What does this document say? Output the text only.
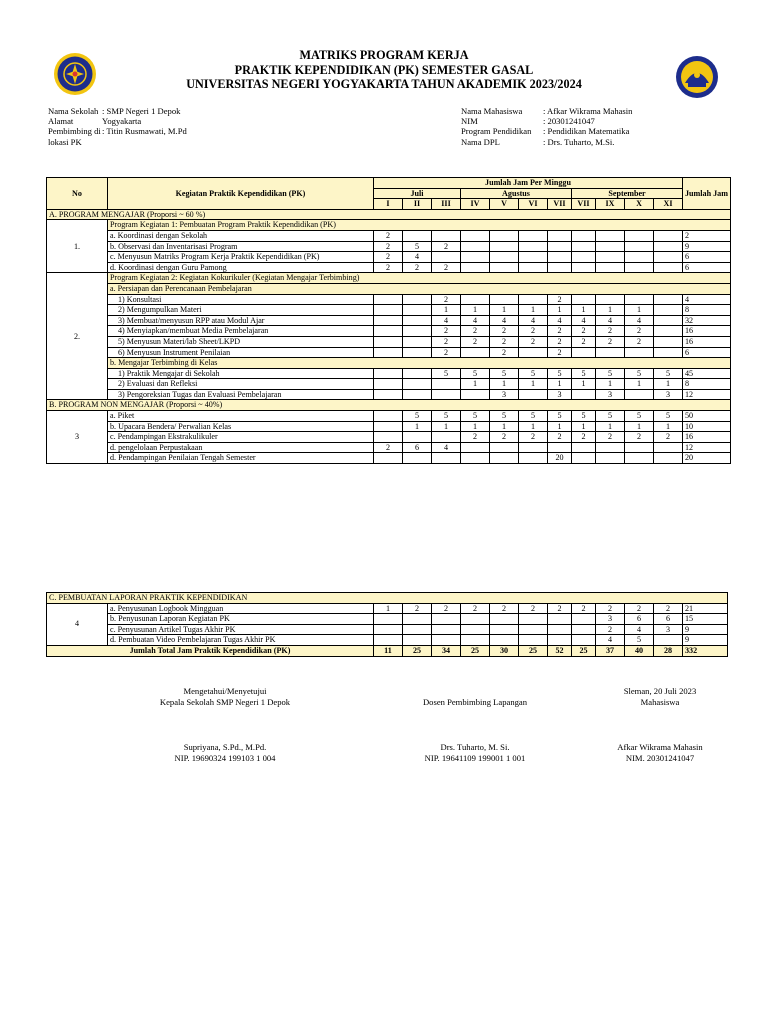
MATRIKS PROGRAM KERJA
PRAKTIK KEPENDIDIKAN (PK) SEMESTER GASAL
UNIVERSITAS NEGERI YOGYAKARTA TAHUN AKADEMIK 2023/2024
Nama Sekolah	: SMP Negeri 1 Depok
Alamat	Yogyakarta
Pembimbing di lokasi PK	: Titin Rusmawati, M.Pd
Nama Mahasiswa	: Afkar Wikrama Mahasin
NIM	: 20301241047
Program Pendidikan	: Pendidikan Matematika
Nama DPL	: Drs. Tuharto, M.Si.
No	Kegiatan Praktik Kependidikan (PK)	Jumlah Jam Per Minggu											Jumlah Jam
		Juli			Agustus				September				
		I	II	III	IV	V	VI	VII	VII	IX	X	XI	
A. PROGRAM MENGAJAR (Proporsi ~ 60 %)													
1.	Program Kegiatan 1: Pembuatan Program Praktik Kependidikan (PK)												
	a. Koordinasi dengan Sekolah	2											2
	b. Observasi dan Inventarisasi Program	2	5	2									9
	c. Menyusun Matriks Program Kerja Praktik Kependidikan (PK)	2	4										6
	d. Koordinasi dengan Guru Pamong	2	2	2									6
2.	Program Kegiatan 2: Kegiatan Kokurikuler (Kegiatan Mengajar Terbimbing)												
	a. Persiapan dan Perencanaan Pembelajaran												
	1) Konsultasi			2				2					4
	2) Mengumpulkan Materi			1	1	1	1	1	1	1	1		8
	3) Membuat/menyusun RPP atau Modul Ajar			4	4	4	4	4	4	4	4		32
	4) Menyiapkan/membuat Media Pembelajaran			2	2	2	2	2	2	2	2		16
	5) Menyusun Materi/lab Sheet/LKPD			2	2	2	2	2	2	2	2		16
	6) Menyusun Instrument Penilaian			2		2		2					6
	b. Mengajar Terbimbing di Kelas												
	1) Praktik Mengajar di Sekolah			5	5	5	5	5	5	5	5	5	45
	2) Evaluasi dan Refleksi				1	1	1	1	1	1	1	1	8
	3) Pengoreksian Tugas dan Evaluasi Pembelajaran					3		3		3		3	12
B. PROGRAM NON MENGAJAR (Proporsi ~ 40%)													
3	a. Piket		5	5	5	5	5	5	5	5	5	5	50
	b. Upacara Bendera/ Perwalian Kelas		1	1	1	1	1	1	1	1	1	1	10
	c. Pendampingan Ekstrakulikuler				2	2	2	2	2	2	2	2	16
	d. pengelolaan Perpustakaan	2	6	4									12
	d. Pendampingan Penilaian Tengah Semester							20					20
C. PEMBUATAN LAPORAN PRAKTIK KEPENDIDIKAN													
4	a. Penyusunan Logbook Mingguan	1	2	2	2	2	2	2	2	2	2	2	21
	b. Penyusunan Laporan Kegiatan PK									3	6	6	15
	c. Penyusunan Artikel Tugas Akhir PK									2	4	3	9
	d. Pembuatan Video Pembelajaran Tugas Akhir PK									4	5		9
Jumlah Total Jam Praktik Kependidikan (PK)		11	25	34	25	30	25	52	25	37	40	28	332
Mengetahui/Menyetujui
Kepala Sekolah SMP Negeri 1 Depok
Supriyana, S.Pd., M.Pd.
NIP. 19690324 199103 1 004

Dosen Pembimbing Lapangan
Drs. Tuharto, M. Si.
NIP. 19641109 199001 1 001
Sleman, 20 Juli 2023
Mahasiswa
Afkar Wikrama Mahasin
NIM. 20301241047
